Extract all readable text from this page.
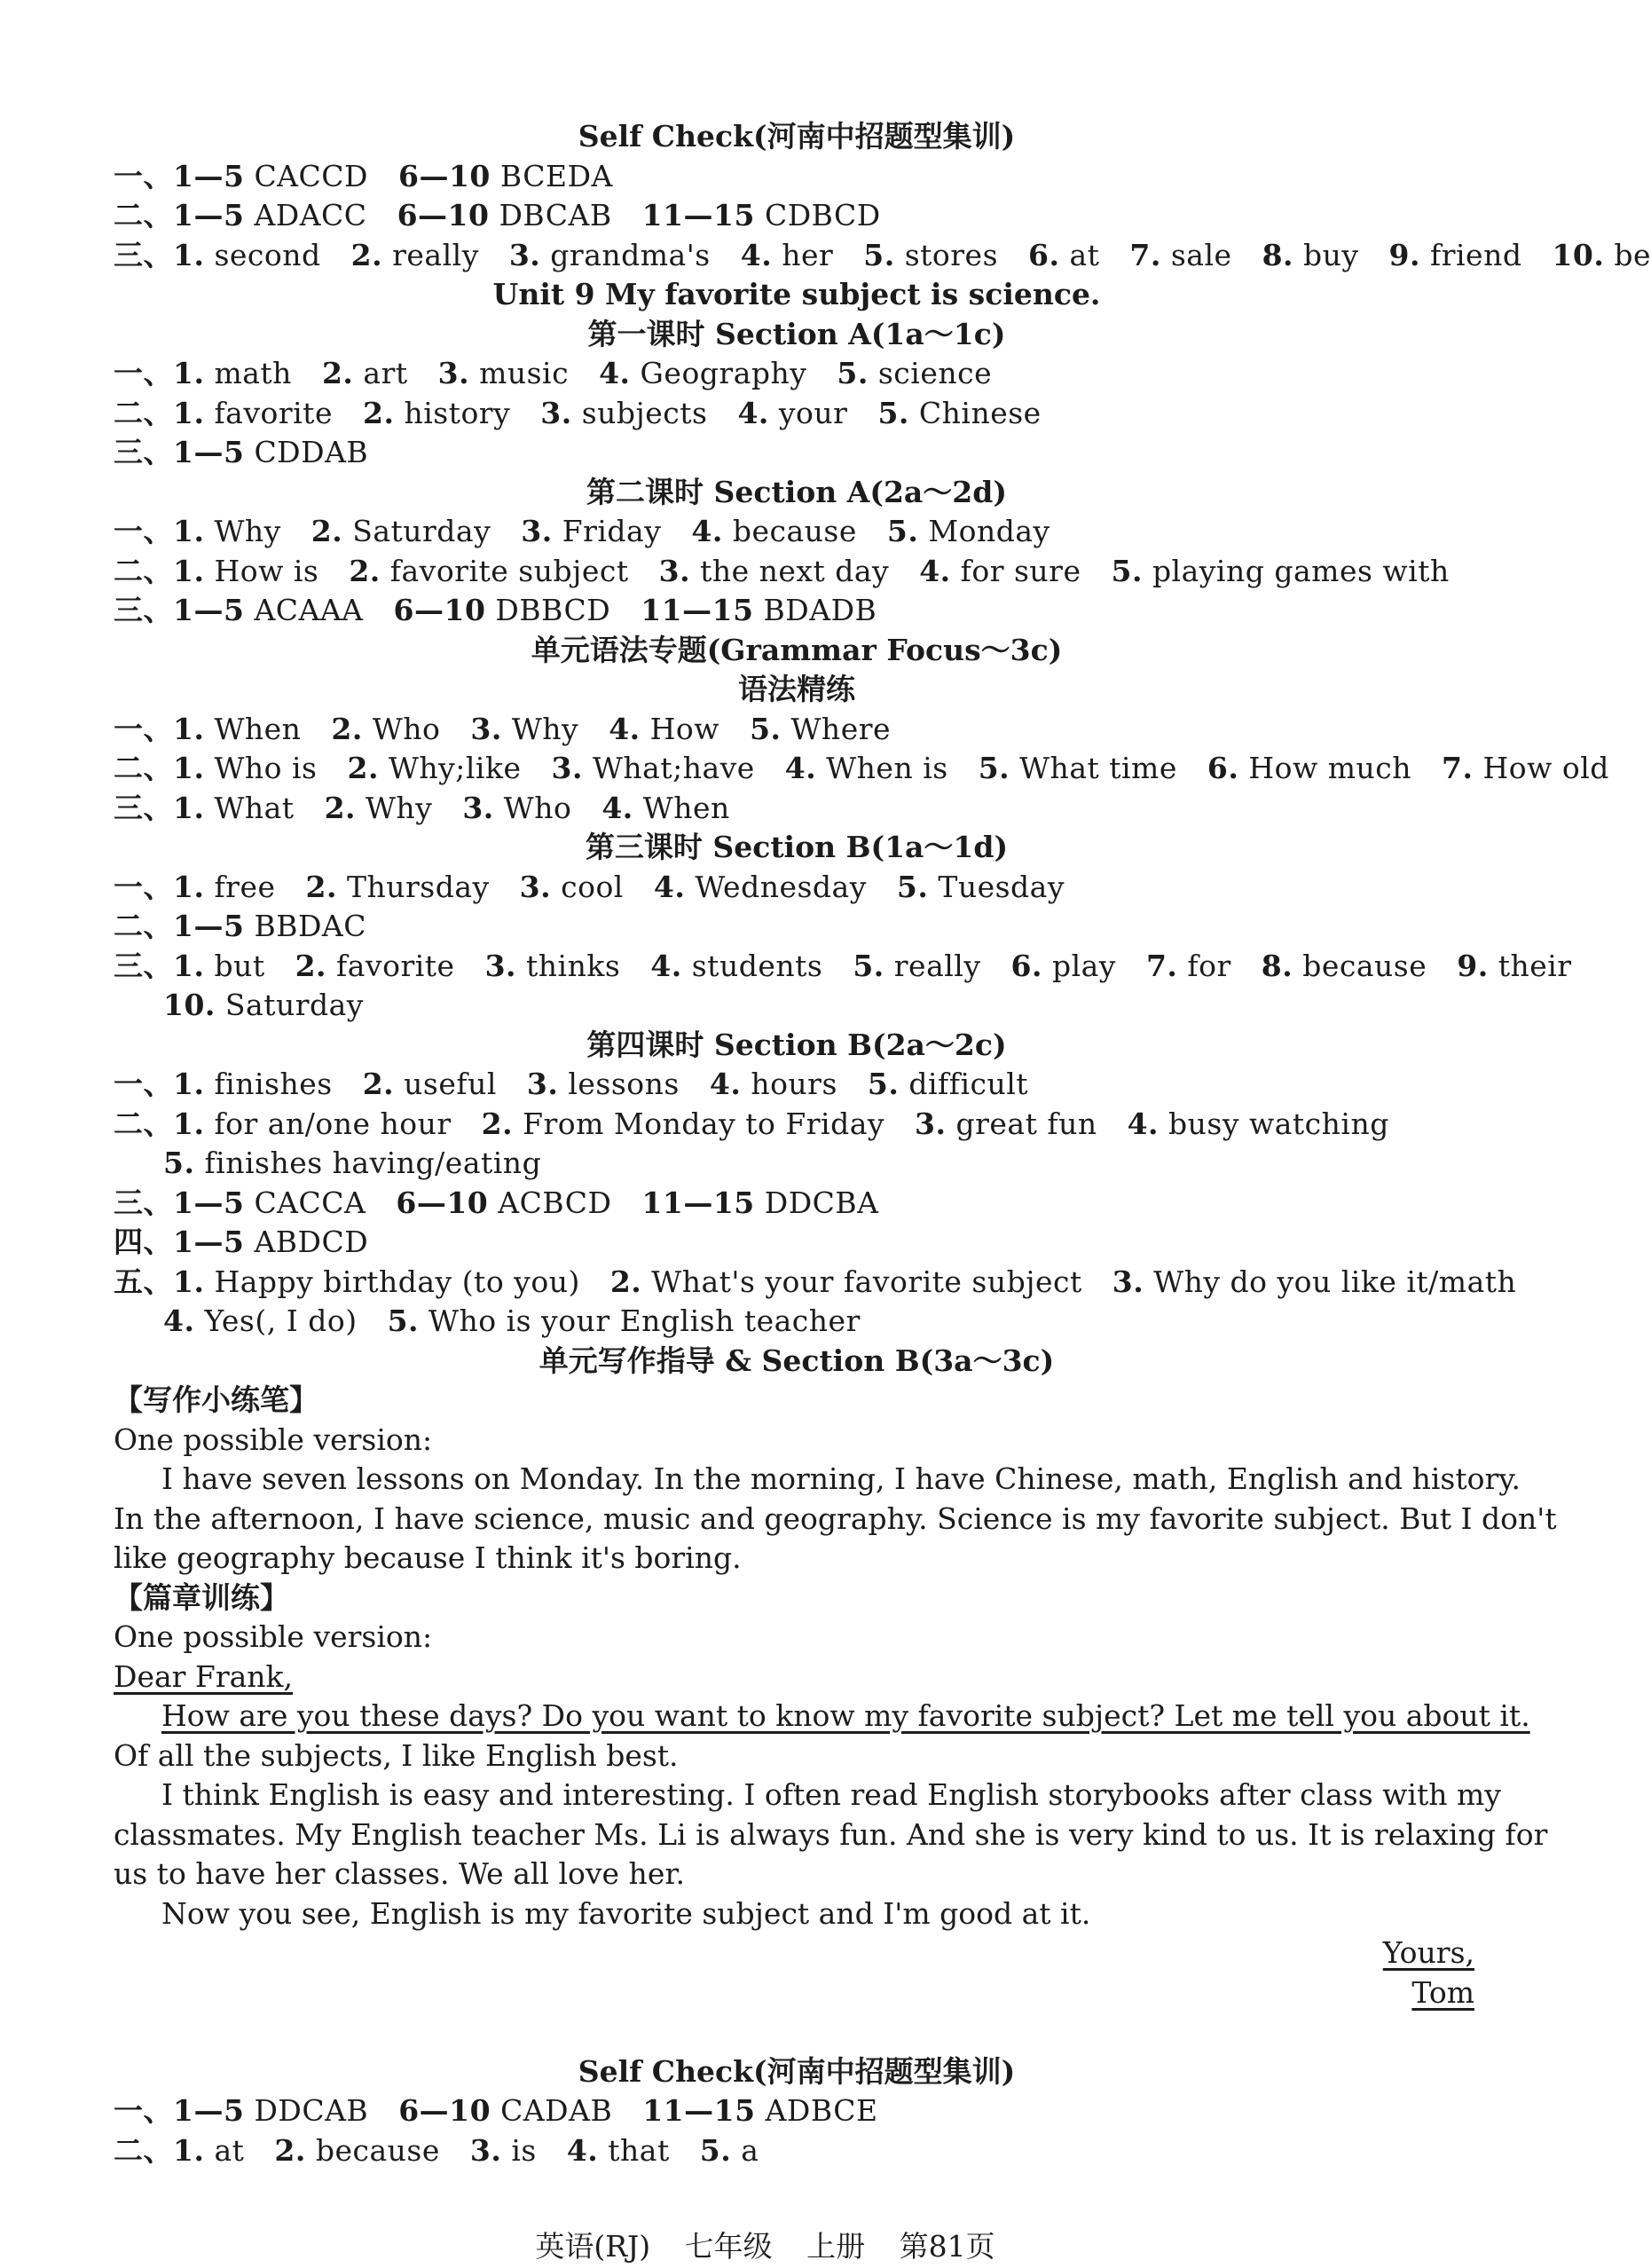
Self Check(河南中招题型集训)
一、1—5 CACCD 6—10 BCEDA
二、1—5 ADACC 6—10 DBCAB 11—15 CDBCD
三、1. second 2. really 3. grandma's 4. her 5. stores 6. at 7. sale 8. buy 9. friend 10. be
Unit 9 My favorite subject is science.
第一课时 Section A(1a～1c)
一、1. math 2. art 3. music 4. Geography 5. science
二、1. favorite 2. history 3. subjects 4. your 5. Chinese
三、1—5 CDDAB
第二课时 Section A(2a～2d)
一、1. Why 2. Saturday 3. Friday 4. because 5. Monday
二、1. How is 2. favorite subject 3. the next day 4. for sure 5. playing games with
三、1—5 ACAAA 6—10 DBBCD 11—15 BDADB
单元语法专题(Grammar Focus～3c)
语法精练
一、1. When 2. Who 3. Why 4. How 5. Where
二、1. Who is 2. Why;like 3. What;have 4. When is 5. What time 6. How much 7. How old
三、1. What 2. Why 3. Who 4. When
第三课时 Section B(1a～1d)
一、1. free 2. Thursday 3. cool 4. Wednesday 5. Tuesday
二、1—5 BBDAC
三、1. but 2. favorite 3. thinks 4. students 5. really 6. play 7. for 8. because 9. their
10. Saturday
第四课时 Section B(2a～2c)
一、1. finishes 2. useful 3. lessons 4. hours 5. difficult
二、1. for an/one hour 2. From Monday to Friday 3. great fun 4. busy watching
5. finishes having/eating
三、1—5 CACCA 6—10 ACBCD 11—15 DDCBA
四、1—5 ABDCD
五、1. Happy birthday (to you) 2. What's your favorite subject 3. Why do you like it/math
4. Yes(, I do) 5. Who is your English teacher
单元写作指导 & Section B(3a～3c)
【写作小练笔】
One possible version:
I have seven lessons on Monday. In the morning, I have Chinese, math, English and history.
In the afternoon, I have science, music and geography. Science is my favorite subject. But I don't
like geography because I think it's boring.
【篇章训练】
One possible version:
Dear Frank,
How are you these days? Do you want to know my favorite subject? Let me tell you about it.
Of all the subjects, I like English best.
I think English is easy and interesting. I often read English storybooks after class with my
classmates. My English teacher Ms. Li is always fun. And she is very kind to us. It is relaxing for
us to have her classes. We all love her.
Now you see, English is my favorite subject and I'm good at it.
Yours,
Tom
Self Check(河南中招题型集训)
一、1—5 DDCAB 6—10 CADAB 11—15 ADBCE
二、1. at 2. because 3. is 4. that 5. a
英语(RJ) 七年级 上册 第81页
